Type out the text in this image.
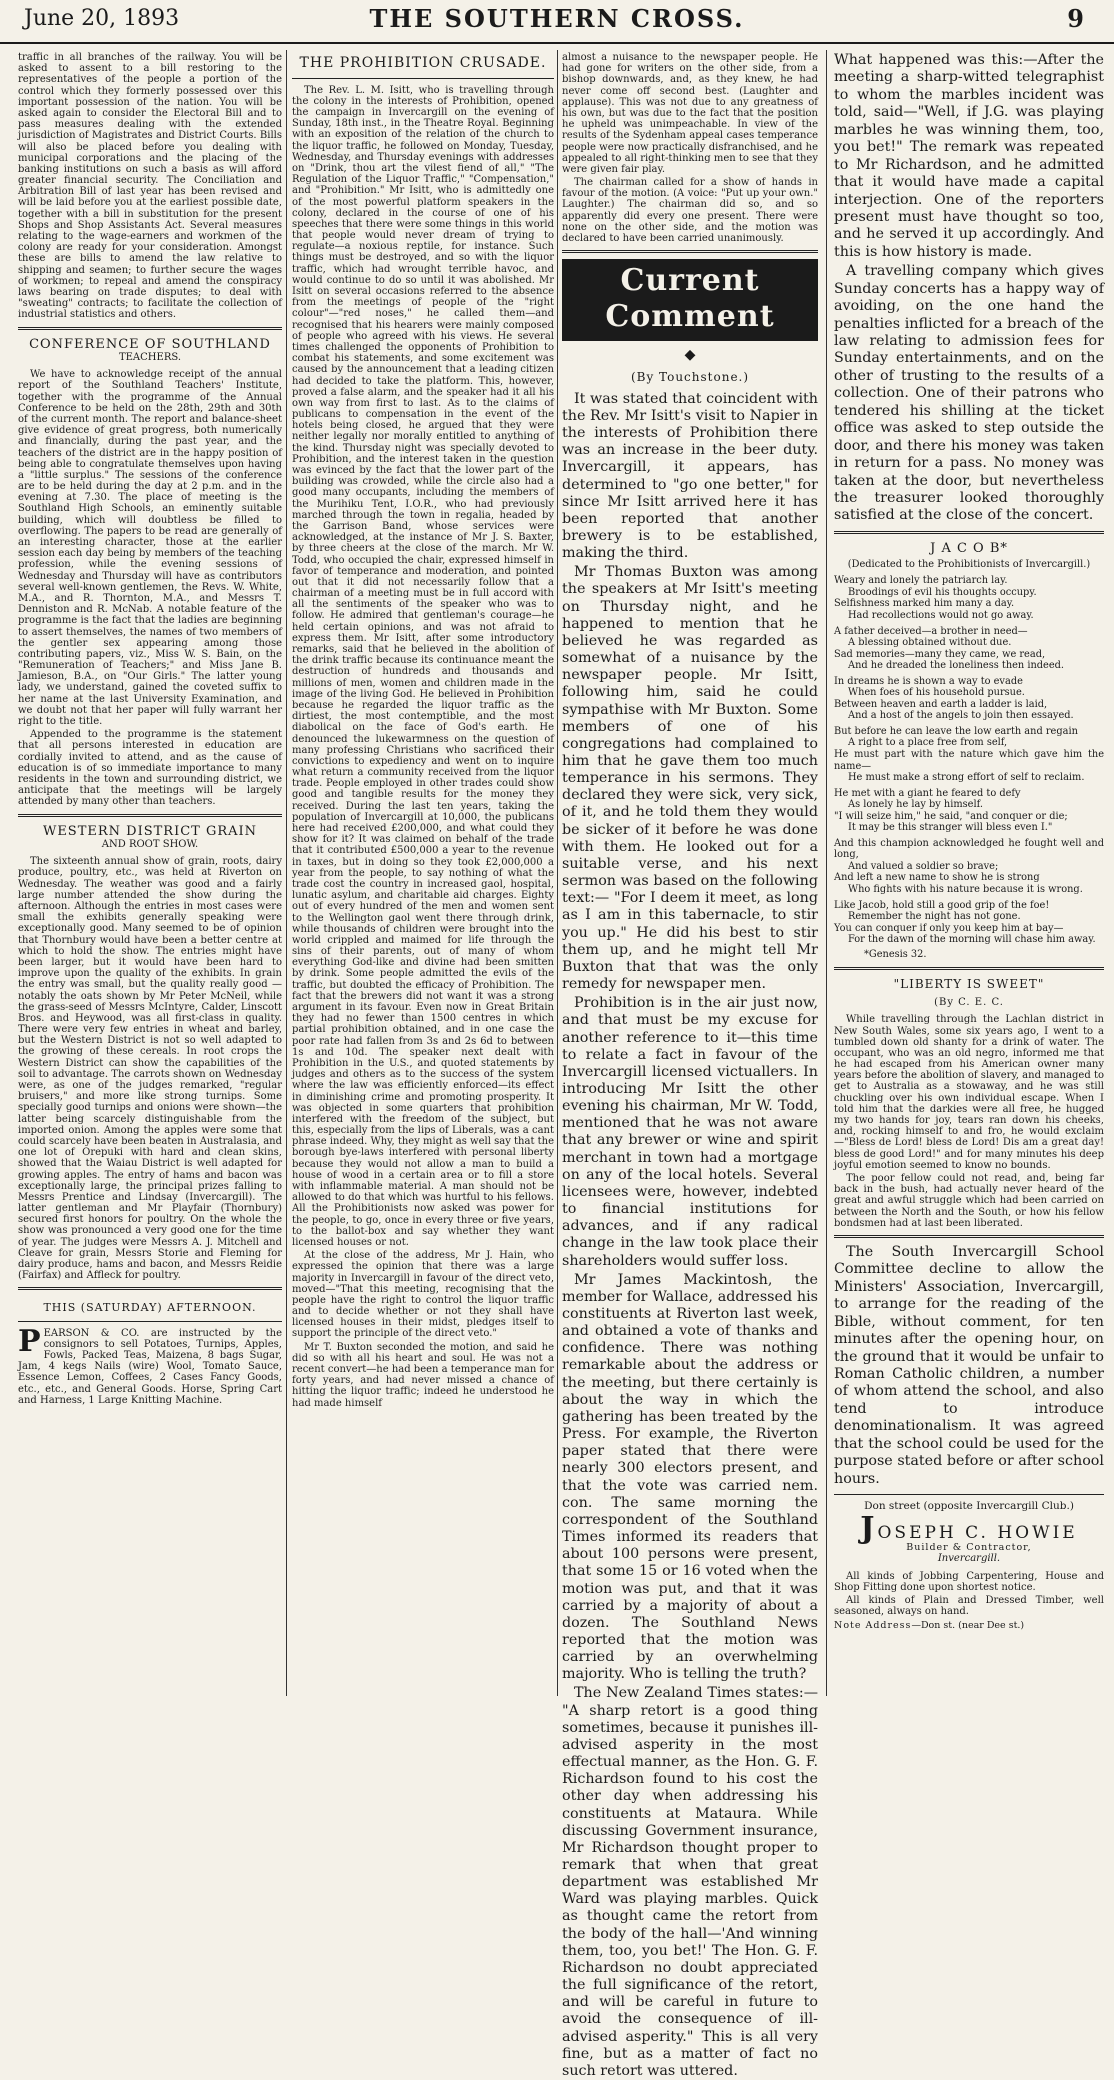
June 20, 1893	THE SOUTHERN CROSS.	9

traffic in all branches of the railway. You will be asked to assent to a bill restoring to the representatives of the people a portion of the control which they formerly possessed over this important possession of the nation. You will be asked again to consider the Electoral Bill and to pass measures dealing with the extended jurisdiction of Magistrates and District Courts. Bills will also be placed before you dealing with municipal corporations and the placing of the banking institutions on such a basis as will afford greater financial security. The Conciliation and Arbitration Bill of last year has been revised and will be laid before you at the earliest possible date, together with a bill in substitution for the present Shops and Shop Assistants Act. Several measures relating to the wage-earners and workmen of the colony are ready for your consideration. Amongst these are bills to amend the law relative to shipping and seamen; to further secure the wages of workmen; to repeal and amend the conspiracy laws bearing on trade disputes; to deal with "sweating" contracts; to facilitate the collection of industrial statistics and others.

CONFERENCE OF SOUTHLAND
TEACHERS.

We have to acknowledge receipt of the annual report of the Southland Teachers' Institute, together with the programme of the Annual Conference to be held on the 28th, 29th and 30th of the current month. The report and balance-sheet give evidence of great progress, both numerically and financially, during the past year, and the teachers of the district are in the happy position of being able to congratulate themselves upon having a "little surplus." The sessions of the conference are to be held during the day at 2 p.m. and in the evening at 7.30. The place of meeting is the Southland High Schools, an eminently suitable building, which will doubtless be filled to overflowing. The papers to be read are generally of an interesting character, those at the earlier session each day being by members of the teaching profession, while the evening sessions of Wednesday and Thursday will have as contributors several well-known gentlemen, the Revs. W. White, M.A., and R. Thornton, M.A., and Messrs T. Denniston and R. McNab. A notable feature of the programme is the fact that the ladies are beginning to assert themselves, the names of two members of the gentler sex appearing among those contributing papers, viz., Miss W. S. Bain, on the "Remuneration of Teachers;" and Miss Jane B. Jamieson, B.A., on "Our Girls." The latter young lady, we understand, gained the coveted suffix to her name at the last University Examination, and we doubt not that her paper will fully warrant her right to the title.

Appended to the programme is the statement that all persons interested in education are cordially invited to attend, and as the cause of education is of so immediate importance to many residents in the town and surrounding district, we anticipate that the meetings will be largely attended by many other than teachers.

WESTERN DISTRICT GRAIN
AND ROOT SHOW.

The sixteenth annual show of grain, roots, dairy produce, poultry, etc., was held at Riverton on Wednesday. The weather was good and a fairly large number attended the show during the afternoon. Although the entries in most cases were small the exhibits generally speaking were exceptionally good. Many seemed to be of opinion that Thornbury would have been a better centre at which to hold the show. The entries might have been larger, but it would have been hard to improve upon the quality of the exhibits. In grain the entry was small, but the quality really good — notably the oats shown by Mr Peter McNeil, while the grass-seed of Messrs McIntyre, Calder, Linscott Bros. and Heywood, was all first-class in quality. There were very few entries in wheat and barley, but the Western District is not so well adapted to the growing of these cereals. In root crops the Western District can show the capabilities of the soil to advantage. The carrots shown on Wednesday were, as one of the judges remarked, "regular bruisers," and more like strong turnips. Some specially good turnips and onions were shown—the latter being scarcely distinguishable from the imported onion. Among the apples were some that could scarcely have been beaten in Australasia, and one lot of Orepuki with hard and clean skins, showed that the Waiau District is well adapted for growing apples. The entry of hams and bacon was exceptionally large, the principal prizes falling to Messrs Prentice and Lindsay (Invercargill). The latter gentleman and Mr Playfair (Thornbury) secured first honors for poultry. On the whole the show was pronounced a very good one for the time of year. The judges were Messrs A. J. Mitchell and Cleave for grain, Messrs Storie and Fleming for dairy produce, hams and bacon, and Messrs Reidie (Fairfax) and Affleck for poultry.

THIS (SATURDAY) AFTERNOON.

PEARSON & CO. are instructed by the consignors to sell Potatoes, Turnips, Apples, Fowls, Packed Teas, Maizena, 8 bags Sugar, Jam, 4 kegs Nails (wire) Wool, Tomato Sauce, Essence Lemon, Coffees, 2 Cases Fancy Goods, etc., etc., and General Goods. Horse, Spring Cart and Harness, 1 Large Knitting Machine.

THE PROHIBITION CRUSADE.

The Rev. L. M. Isitt, who is travelling through the colony in the interests of Prohibition, opened the campaign in Invercargill on the evening of Sunday, 18th inst., in the Theatre Royal. Beginning with an exposition of the relation of the church to the liquor traffic, he followed on Monday, Tuesday, Wednesday, and Thursday evenings with addresses on "Drink, thou art the vilest fiend of all," "The Regulation of the Liquor Traffic," "Compensation," and "Prohibition." Mr Isitt, who is admittedly one of the most powerful platform speakers in the colony, declared in the course of one of his speeches that there were some things in this world that people would never dream of trying to regulate—a noxious reptile, for instance. Such things must be destroyed, and so with the liquor traffic, which had wrought terrible havoc, and would continue to do so until it was abolished. Mr Isitt on several occasions referred to the absence from the meetings of people of the "right colour"—"red noses," he called them—and recognised that his hearers were mainly composed of people who agreed with his views. He several times challenged the opponents of Prohibition to combat his statements, and some excitement was caused by the announcement that a leading citizen had decided to take the platform. This, however, proved a false alarm, and the speaker had it all his own way from first to last. As to the claims of publicans to compensation in the event of the hotels being closed, he argued that they were neither legally nor morally entitled to anything of the kind. Thursday night was specially devoted to Prohibition, and the interest taken in the question was evinced by the fact that the lower part of the building was crowded, while the circle also had a good many occupants, including the members of the Murihiku Tent, I.O.R., who had previously marched through the town in regalia, headed by the Garrison Band, whose services were acknowledged, at the instance of Mr J. S. Baxter, by three cheers at the close of the march. Mr W. Todd, who occupied the chair, expressed himself in favor of temperance and moderation, and pointed out that it did not necessarily follow that a chairman of a meeting must be in full accord with all the sentiments of the speaker who was to follow. He admired that gentleman's courage—he held certain opinions, and was not afraid to express them. Mr Isitt, after some introductory remarks, said that he believed in the abolition of the drink traffic because its continuance meant the destruction of hundreds and thousands and millions of men, women and children made in the image of the living God. He believed in Prohibition because he regarded the liquor traffic as the dirtiest, the most contemptible, and the most diabolical on the face of God's earth. He denounced the lukewarmness on the question of many professing Christians who sacrificed their convictions to expediency and went on to inquire what return a community received from the liquor trade. People employed in other trades could show good and tangible results for the money they received. During the last ten years, taking the population of Invercargill at 10,000, the publicans here had received £200,000, and what could they show for it? It was claimed on behalf of the trade that it contributed £500,000 a year to the revenue in taxes, but in doing so they took £2,000,000 a year from the people, to say nothing of what the trade cost the country in increased gaol, hospital, lunatic asylum, and charitable aid charges. Eighty out of every hundred of the men and women sent to the Wellington gaol went there through drink, while thousands of children were brought into the world crippled and maimed for life through the sins of their parents, out of many of whom everything God-like and divine had been smitten by drink. Some people admitted the evils of the traffic, but doubted the efficacy of Prohibition. The fact that the brewers did not want it was a strong argument in its favour. Even now in Great Britain they had no fewer than 1500 centres in which partial prohibition obtained, and in one case the poor rate had fallen from 3s and 2s 6d to between 1s and 10d. The speaker next dealt with Prohibition in the U.S., and quoted statements by judges and others as to the success of the system where the law was efficiently enforced—its effect in diminishing crime and promoting prosperity. It was objected in some quarters that prohibition interfered with the freedom of the subject, but this, especially from the lips of Liberals, was a cant phrase indeed. Why, they might as well say that the borough bye-laws interfered with personal liberty because they would not allow a man to build a house of wood in a certain area or to fill a store with inflammable material. A man should not be allowed to do that which was hurtful to his fellows. All the Prohibitionists now asked was power for the people, to go, once in every three or five years, to the ballot-box and say whether they want licensed houses or not.

At the close of the address, Mr J. Hain, who expressed the opinion that there was a large majority in Invercargill in favour of the direct veto, moved—"That this meeting, recognising that the people have the right to control the liquor traffic and to decide whether or not they shall have licensed houses in their midst, pledges itself to support the principle of the direct veto."

Mr T. Buxton seconded the motion, and said he did so with all his heart and soul. He was not a recent convert—he had been a temperance man for forty years, and had never missed a chance of hitting the liquor traffic; indeed he understood he had made himself

almost a nuisance to the newspaper people. He had gone for writers on the other side, from a bishop downwards, and, as they knew, he had never come off second best. (Laughter and applause). This was not due to any greatness of his own, but was due to the fact that the position he upheld was unimpeachable. In view of the results of the Sydenham appeal cases temperance people were now practically disfranchised, and he appealed to all right-thinking men to see that they were given fair play.

The chairman called for a show of hands in favour of the motion. (A voice: "Put up your own." Laughter.) The chairman did so, and so apparently did every one present. There were none on the other side, and the motion was declared to have been carried unanimously.

Current Comment
◆
(By Touchstone.)

It was stated that coincident with the Rev. Mr Isitt's visit to Napier in the interests of Prohibition there was an increase in the beer duty. Invercargill, it appears, has determined to "go one better," for since Mr Isitt arrived here it has been reported that another brewery is to be established, making the third.

Mr Thomas Buxton was among the speakers at Mr Isitt's meeting on Thursday night, and he happened to mention that he believed he was regarded as somewhat of a nuisance by the newspaper people. Mr Isitt, following him, said he could sympathise with Mr Buxton. Some members of one of his congregations had complained to him that he gave them too much temperance in his sermons. They declared they were sick, very sick, of it, and he told them they would be sicker of it before he was done with them. He looked out for a suitable verse, and his next sermon was based on the following text:— "For I deem it meet, as long as I am in this tabernacle, to stir you up." He did his best to stir them up, and he might tell Mr Buxton that that was the only remedy for newspaper men.

Prohibition is in the air just now, and that must be my excuse for another reference to it—this time to relate a fact in favour of the Invercargill licensed victuallers. In introducing Mr Isitt the other evening his chairman, Mr W. Todd, mentioned that he was not aware that any brewer or wine and spirit merchant in town had a mortgage on any of the local hotels. Several licensees were, however, indebted to financial institutions for advances, and if any radical change in the law took place their shareholders would suffer loss.

Mr James Mackintosh, the member for Wallace, addressed his constituents at Riverton last week, and obtained a vote of thanks and confidence. There was nothing remarkable about the address or the meeting, but there certainly is about the way in which the gathering has been treated by the Press. For example, the Riverton paper stated that there were nearly 300 electors present, and that the vote was carried nem. con. The same morning the correspondent of the Southland Times informed its readers that about 100 persons were present, that some 15 or 16 voted when the motion was put, and that it was carried by a majority of about a dozen. The Southland News reported that the motion was carried by an overwhelming majority. Who is telling the truth?

The New Zealand Times states:— "A sharp retort is a good thing sometimes, because it punishes ill-advised asperity in the most effectual manner, as the Hon. G. F. Richardson found to his cost the other day when addressing his constituents at Mataura. While discussing Government insurance, Mr Richardson thought proper to remark that when that great department was established Mr Ward was playing marbles. Quick as thought came the retort from the body of the hall—'And winning them, too, you bet!' The Hon. G. F. Richardson no doubt appreciated the full significance of the retort, and will be careful in future to avoid the consequence of ill-advised asperity." This is all very fine, but as a matter of fact no such retort was uttered.

What happened was this:—After the meeting a sharp-witted telegraphist to whom the marbles incident was told, said—"Well, if J.G. was playing marbles he was winning them, too, you bet!" The remark was repeated to Mr Richardson, and he admitted that it would have made a capital interjection. One of the reporters present must have thought so too, and he served it up accordingly. And this is how history is made.

A travelling company which gives Sunday concerts has a happy way of avoiding, on the one hand the penalties inflicted for a breach of the law relating to admission fees for Sunday entertainments, and on the other of trusting to the results of a collection. One of their patrons who tendered his shilling at the ticket office was asked to step outside the door, and there his money was taken in return for a pass. No money was taken at the door, but nevertheless the treasurer looked thoroughly satisfied at the close of the concert.

J A C O B*
(Dedicated to the Prohibitionists of Invercargill.)
Weary and lonely the patriarch lay.
Broodings of evil his thoughts occupy.
Selfishness marked him many a day.
Had recollections would not go away.
A father deceived—a brother in need—
A blessing obtained without due.
Sad memories—many they came, we read,
And he dreaded the loneliness then indeed.
In dreams he is shown a way to evade
When foes of his household pursue.
Between heaven and earth a ladder is laid,
And a host of the angels to join then essayed.
But before he can leave the low earth and regain
A right to a place free from self,
He must part with the nature which gave him the name—
He must make a strong effort of self to reclaim.
He met with a giant he feared to defy
As lonely he lay by himself.
"I will seize him," he said, "and conquer or die;
It may be this stranger will bless even I."
And this champion acknowledged he fought well and long,
And valued a soldier so brave;
And left a new name to show he is strong
Who fights with his nature because it is wrong.
Like Jacob, hold still a good grip of the foe!
Remember the night has not gone.
You can conquer if only you keep him at bay—
For the dawn of the morning will chase him away.
*Genesis 32.
"LIBERTY IS SWEET"
(By C. E. C.

While travelling through the Lachlan district in New South Wales, some six years ago, I went to a tumbled down old shanty for a drink of water. The occupant, who was an old negro, informed me that he had escaped from his American owner many years before the abolition of slavery, and managed to get to Australia as a stowaway, and he was still chuckling over his own individual escape. When I told him that the darkies were all free, he hugged my two hands for joy, tears ran down his cheeks, and, rocking himself to and fro, he would exclaim—"Bless de Lord! bless de Lord! Dis am a great day! bless de good Lord!" and for many minutes his deep joyful emotion seemed to know no bounds.

The poor fellow could not read, and, being far back in the bush, had actually never heard of the great and awful struggle which had been carried on between the North and the South, or how his fellow bondsmen had at last been liberated.

The South Invercargill School Committee decline to allow the Ministers' Association, Invercargill, to arrange for the reading of the Bible, without comment, for ten minutes after the opening hour, on the ground that it would be unfair to Roman Catholic children, a number of whom attend the school, and also tend to introduce denominationalism. It was agreed that the school could be used for the purpose stated before or after school hours.

Don street (opposite Invercargill Club.)
JOSEPH C. HOWIE
Builder & Contractor,
Invercargill.

All kinds of Jobbing Carpentering, House and Shop Fitting done upon shortest notice.

All kinds of Plain and Dressed Timber, well seasoned, always on hand.

Note Address—Don st. (near Dee st.)
